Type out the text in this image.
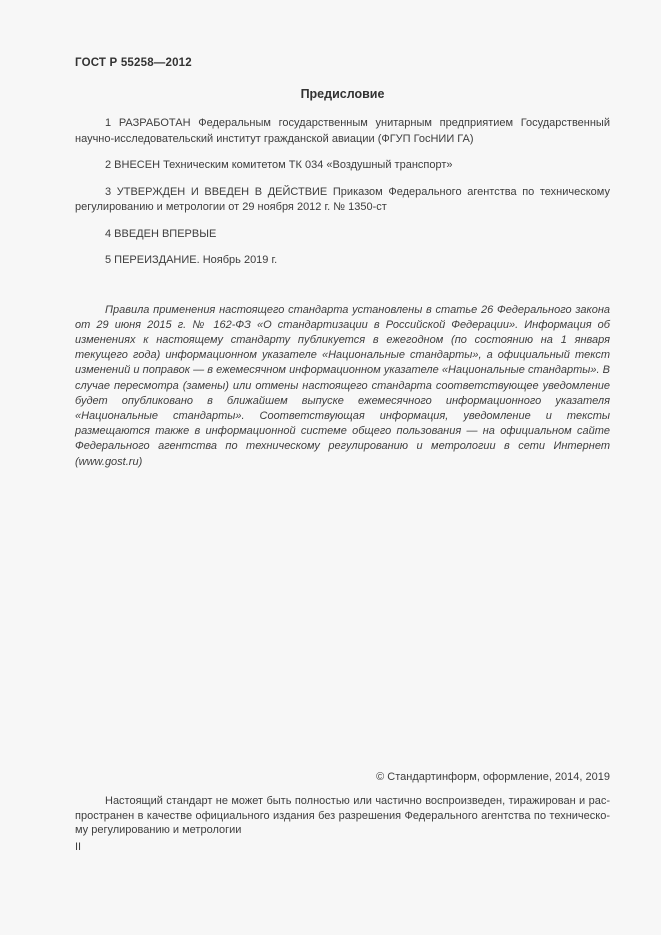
ГОСТ Р 55258—2012
Предисловие

1 РАЗРАБОТАН Федеральным государственным унитарным предприятием Государственный научно-исследовательский институт гражданской авиации (ФГУП ГосНИИ ГА)

2 ВНЕСЕН Техническим комитетом ТК 034 «Воздушный транспорт»

3 УТВЕРЖДЕН И ВВЕДЕН В ДЕЙСТВИЕ Приказом Федерального агентства по техническому регулированию и метрологии от 29 ноября 2012 г. № 1350-ст

4 ВВЕДЕН ВПЕРВЫЕ

5 ПЕРЕИЗДАНИЕ. Ноябрь 2019 г.

Правила применения настоящего стандарта установлены в статье 26 Федерального закона от 29 июня 2015 г. № 162-ФЗ «О стандартизации в Российской Федерации». Информация об изменениях к настоящему стандарту публикуется в ежегодном (по состоянию на 1 января текущего года) информационном указателе «Национальные стандарты», а официальный текст изменений и поправок — в ежемесячном информационном указателе «Национальные стандарты». В случае пересмотра (замены) или отмены настоящего стандарта соответствующее уведомление будет опубликовано в ближайшем выпуске ежемесячного информационного указателя «Национальные стандарты». Соответствующая информация, уведомление и тексты размещаются также в информационной системе общего пользования — на официальном сайте Федерального агентства по техническому регулированию и метрологии в сети Интернет (www.gost.ru)

© Стандартинформ, оформление, 2014, 2019
Настоящий стандарт не может быть полностью или частично воспроизведен, тиражирован и рас-
пространен в качестве официального издания без разрешения Федерального агентства по техническо-
му регулированию и метрологии
II
